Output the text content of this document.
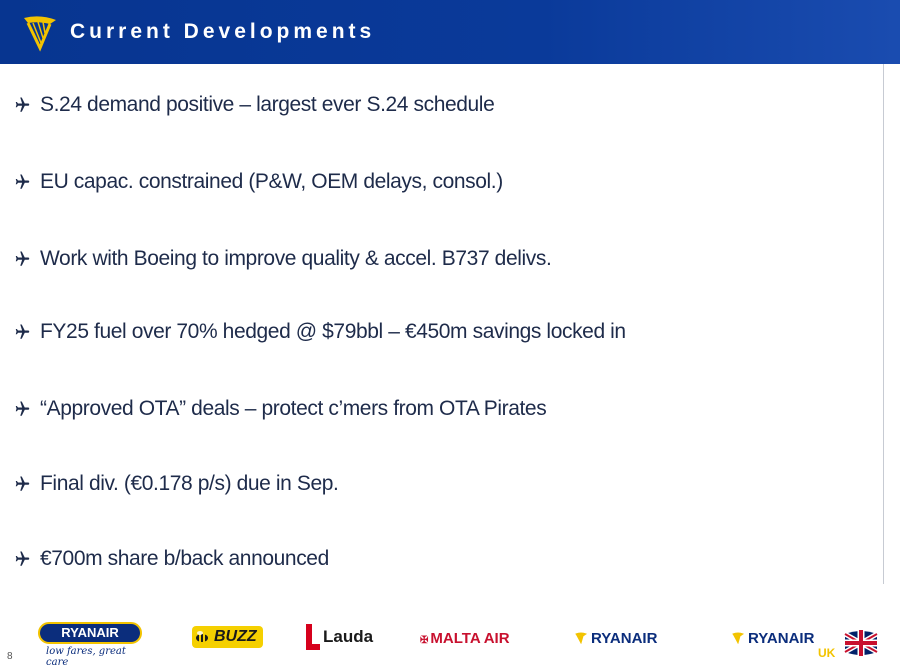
Current Developments
S.24 demand positive – largest ever S.24 schedule
EU capac. constrained (P&W, OEM delays, consol.)
Work with Boeing to improve quality & accel. B737 delivs.
FY25 fuel over 70% hedged @ $79bbl – €450m savings locked in
“Approved OTA” deals – protect c’mers from OTA Pirates
Final div. (€0.178 p/s) due in Sep.
€700m share b/back announced
RYANAIR
low fares, great care
BUZZ	Lauda	✠ MALTA AIR	RYANAIR	RYANAIR
UK
8
